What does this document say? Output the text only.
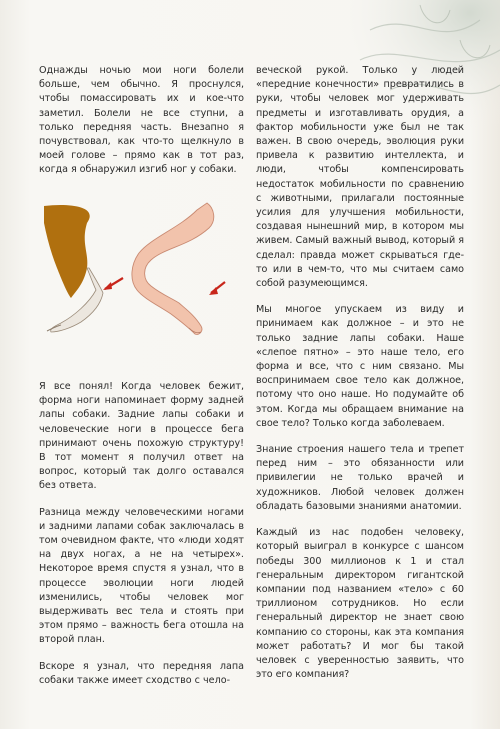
Однажды ночью мои ноги болели больше, чем обычно. Я проснулся, чтобы помассировать их и кое-что заметил. Болели не все ступни, а только передняя часть. Внезапно я почувствовал, как что-то щелкнуло в моей голове – прямо как в тот раз, когда я обнаружил изгиб ног у собаки.

Я все понял! Когда человек бежит, форма ноги напоминает форму задней лапы собаки. Задние лапы собаки и человеческие ноги в процессе бега принимают очень похожую структуру! В тот момент я получил ответ на вопрос, который так долго оставался без ответа.

Разница между человеческими ногами и задними лапами собак заключалась в том очевидном факте, что «люди ходят на двух ногах, а не на четырех». Некоторое время спустя я узнал, что в процессе эволюции ноги людей изменились, чтобы человек мог выдерживать вес тела и стоять при этом прямо – важность бега отошла на второй план.

Вскоре я узнал, что передняя лапа собаки также имеет сходство с чело-

веческой рукой. Только у людей «передние конечности» превратились в руки, чтобы человек мог удерживать предметы и изготавливать орудия, а фактор мобильности уже был не так важен. В свою очередь, эволюция руки привела к развитию интеллекта, и люди, чтобы компенсировать недостаток мобильности по сравнению с животными, прилагали постоянные усилия для улучшения мобильности, создавая нынешний мир, в котором мы живем. Самый важный вывод, который я сделал: правда может скрываться где-то или в чем-то, что мы считаем само собой разумеющимся.

Мы многое упускаем из виду и принимаем как должное – и это не только задние лапы собаки. Наше «слепое пятно» – это наше тело, его форма и все, что с ним связано. Мы воспринимаем свое тело как должное, потому что оно наше. Но подумайте об этом. Когда мы обращаем внимание на свое тело? Только когда заболеваем.

Знание строения нашего тела и трепет перед ним – это обязанности или привилегии не только врачей и художников. Любой человек должен обладать базовыми знаниями анатомии.

Каждый из нас подобен человеку, который выиграл в конкурсе с шансом победы 300 миллионов к 1 и стал генеральным директором гигантской компании под названием «тело» с 60 триллионом сотрудников. Но если генеральный директор не знает свою компанию со стороны, как эта компания может работать? И мог бы такой человек с уверенностью заявить, что это его компания?
